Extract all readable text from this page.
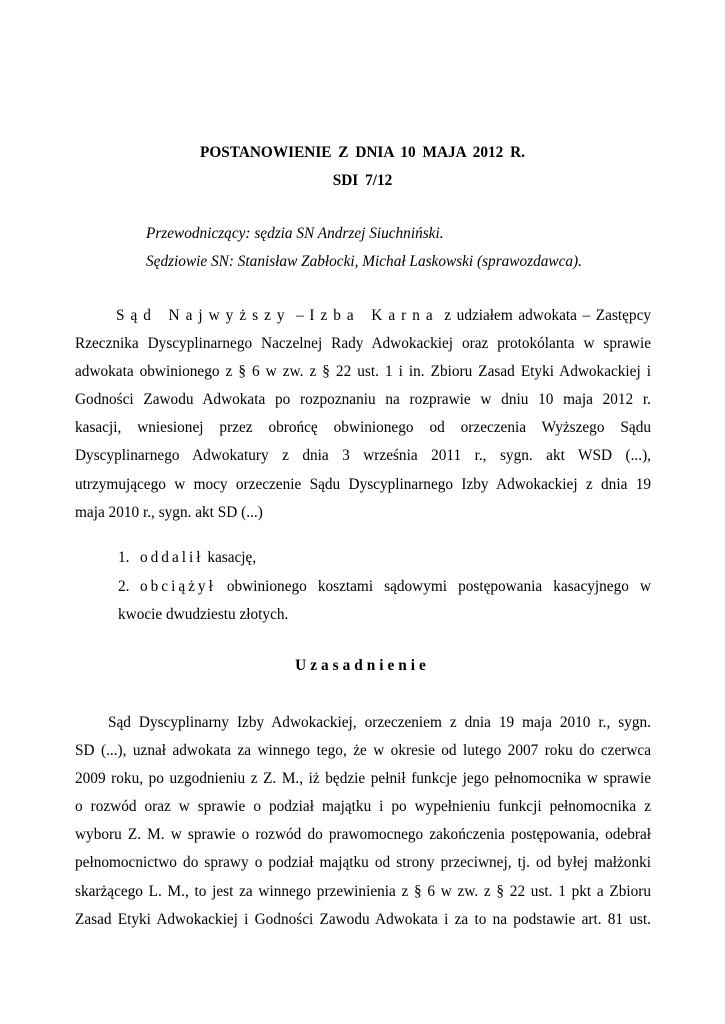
POSTANOWIENIE Z DNIA 10 MAJA 2012 R.
SDI 7/12
Przewodniczący: sędzia SN Andrzej Siuchniński.
Sędziowie SN: Stanisław Zabłocki, Michał Laskowski (sprawozdawca).
Sąd Najwyższy – Izba Karna z udziałem adwokata – Zastępcy
Rzecznika Dyscyplinarnego Naczelnej Rady Adwokackiej oraz protokólanta w sprawie
adwokata obwinionego z § 6 w zw. z § 22 ust. 1 i in. Zbioru Zasad Etyki Adwokackiej i
Godności Zawodu Adwokata po rozpoznaniu na rozprawie w dniu 10 maja 2012 r.
kasacji, wniesionej przez obrońcę obwinionego od orzeczenia Wyższego Sądu
Dyscyplinarnego Adwokatury z dnia 3 września 2011 r., sygn. akt WSD (...),
utrzymującego w mocy orzeczenie Sądu Dyscyplinarnego Izby Adwokackiej z dnia 19
maja 2010 r., sygn. akt SD (...)
1. oddalił kasację,
2. obciążył obwinionego kosztami sądowymi postępowania kasacyjnego w
kwocie dwudziestu złotych.
Uzasadnienie
Sąd Dyscyplinarny Izby Adwokackiej, orzeczeniem z dnia 19 maja 2010 r., sygn.
SD (...), uznał adwokata za winnego tego, że w okresie od lutego 2007 roku do czerwca
2009 roku, po uzgodnieniu z Z. M., iż będzie pełnił funkcje jego pełnomocnika w sprawie
o rozwód oraz w sprawie o podział majątku i po wypełnieniu funkcji pełnomocnika z
wyboru Z. M. w sprawie o rozwód do prawomocnego zakończenia postępowania, odebrał
pełnomocnictwo do sprawy o podział majątku od strony przeciwnej, tj. od byłej małżonki
skarżącego L. M., to jest za winnego przewinienia z § 6 w zw. z § 22 ust. 1 pkt a Zbioru
Zasad Etyki Adwokackiej i Godności Zawodu Adwokata i za to na podstawie art. 81 ust.
